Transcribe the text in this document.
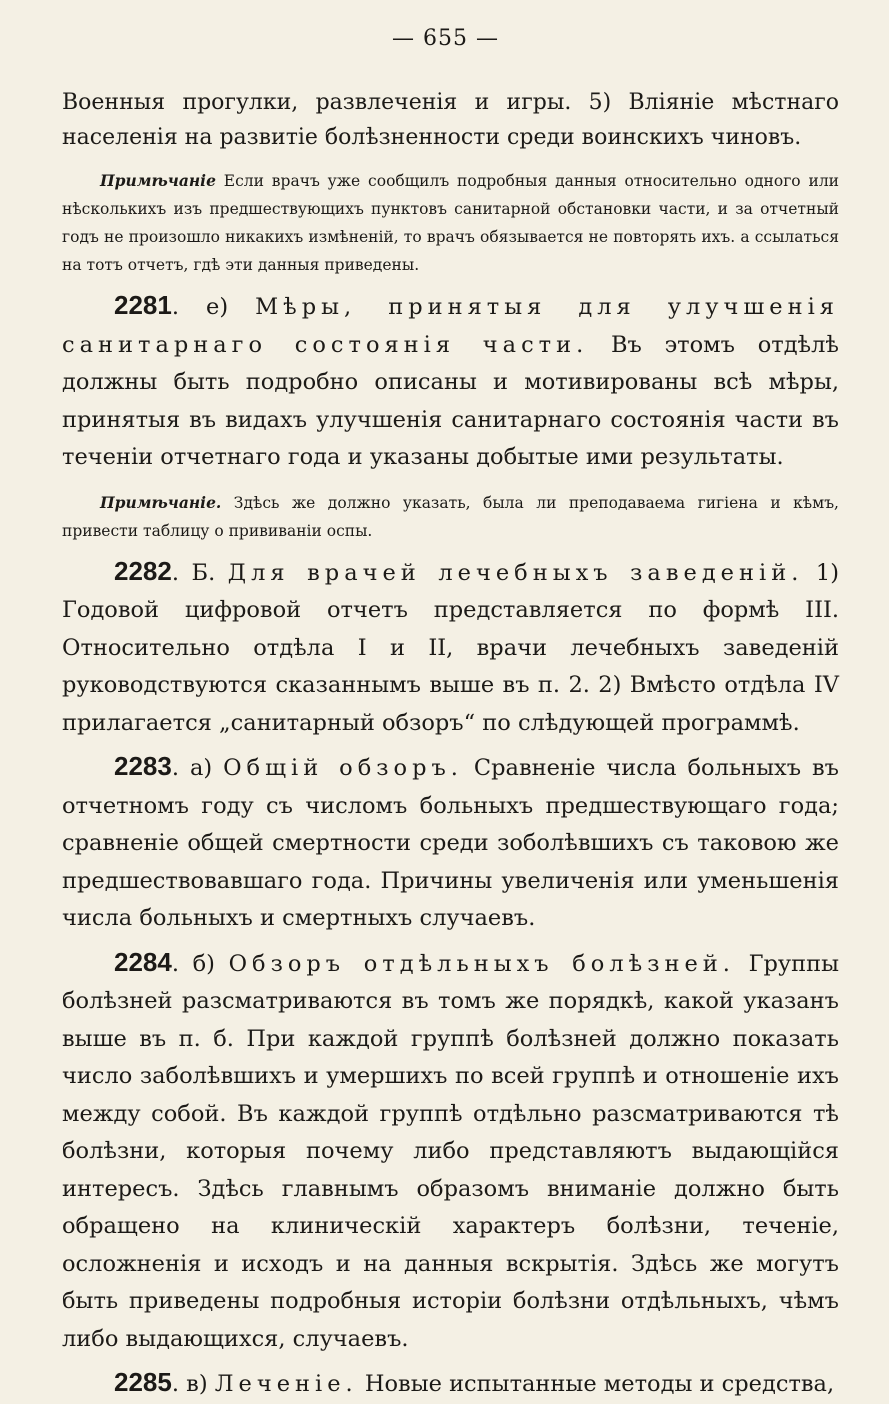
— 655 —

Военныя прогулки, развлеченія и игры. 5) Вліяніе мѣстнаго населенія на развитіе болѣзненности среди воинскихъ чиновъ.

Примѣчаніе Если врачъ уже сообщилъ подробныя данныя относительно одного или нѣсколькихъ изъ предшествующихъ пунктовъ санитарной обстановки части, и за отчетный годъ не произошло никакихъ измѣненій, то врачъ обязывается не повторять ихъ. а ссылаться на тотъ отчетъ, гдѣ эти данныя приведены.

2281. е) Мѣры, принятыя для улучшенія санитарнаго состоянія части. Въ этомъ отдѣлѣ должны быть подробно описаны и мотивированы всѣ мѣры, принятыя въ видахъ улучшенія санитарнаго состоянія части въ теченіи отчетнаго года и указаны добытые ими результаты.

Примѣчаніе. Здѣсь же должно указать, была ли преподаваема гигіена и кѣмъ, привести таблицу о прививаніи оспы.

2282. Б. Для врачей лечебныхъ заведеній. 1) Годовой цифровой отчетъ представляется по формѣ III. Относительно отдѣла I и II, врачи лечебныхъ заведеній руководствуются сказаннымъ выше въ п. 2. 2) Вмѣсто отдѣла IV прилагается „санитарный обзоръ“ по слѣдующей программѣ.

2283. а) Общій обзоръ. Сравненіе числа больныхъ въ отчетномъ году съ числомъ больныхъ предшествующаго года; сравненіе общей смертности среди зоболѣвшихъ съ таковою же предшествовавшаго года. Причины увеличенія или уменьшенія числа больныхъ и смертныхъ случаевъ.

2284. б) Обзоръ отдѣльныхъ болѣзней. Группы болѣзней разсматриваются въ томъ же порядкѣ, какой указанъ выше въ п. б. При каждой группѣ болѣзней должно показать число заболѣвшихъ и умершихъ по всей группѣ и отношеніе ихъ между собой. Въ каждой группѣ отдѣльно разсматриваются тѣ болѣзни, которыя почему либо представляютъ выдающійся интересъ. Здѣсь главнымъ образомъ вниманіе должно быть обращено на клиническій характеръ болѣзни, теченіе, осложненія и исходъ и на данныя вскрытія. Здѣсь же могутъ быть приведены подробныя исторіи болѣзни отдѣльныхъ, чѣмъ либо выдающихся, случаевъ.

2285. в) Леченіе. Новые испытанные методы и средства,
